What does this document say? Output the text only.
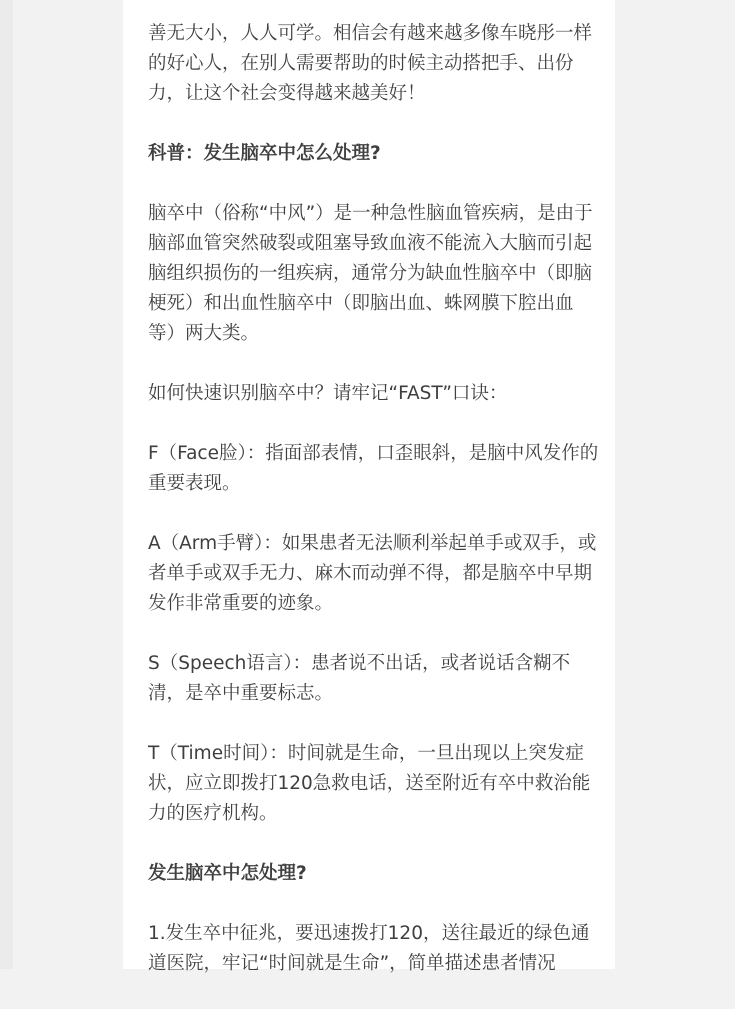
善无大小，人人可学。相信会有越来越多像车晓彤一样的好心人，在别人需要帮助的时候主动搭把手、出份力，让这个社会变得越来越美好！

科普：发生脑卒中怎么处理?

脑卒中（俗称“中风”）是一种急性脑血管疾病，是由于脑部血管突然破裂或阻塞导致血液不能流入大脑而引起脑组织损伤的一组疾病，通常分为缺血性脑卒中（即脑梗死）和出血性脑卒中（即脑出血、蛛网膜下腔出血等）两大类。

如何快速识别脑卒中？请牢记“FAST”口诀：

F（Face脸）：指面部表情，口歪眼斜，是脑中风发作的重要表现。

A（Arm手臂）：如果患者无法顺利举起单手或双手，或者单手或双手无力、麻木而动弹不得，都是脑卒中早期发作非常重要的迹象。

S（Speech语言）：患者说不出话，或者说话含糊不清，是卒中重要标志。

T（Time时间）：时间就是生命，一旦出现以上突发症状，应立即拨打120急救电话，送至附近有卒中救治能力的医疗机构。

发生脑卒中怎处理?

1.发生卒中征兆，要迅速拨打120，送往最近的绿色通道医院，牢记“时间就是生命”，简单描述患者情况
